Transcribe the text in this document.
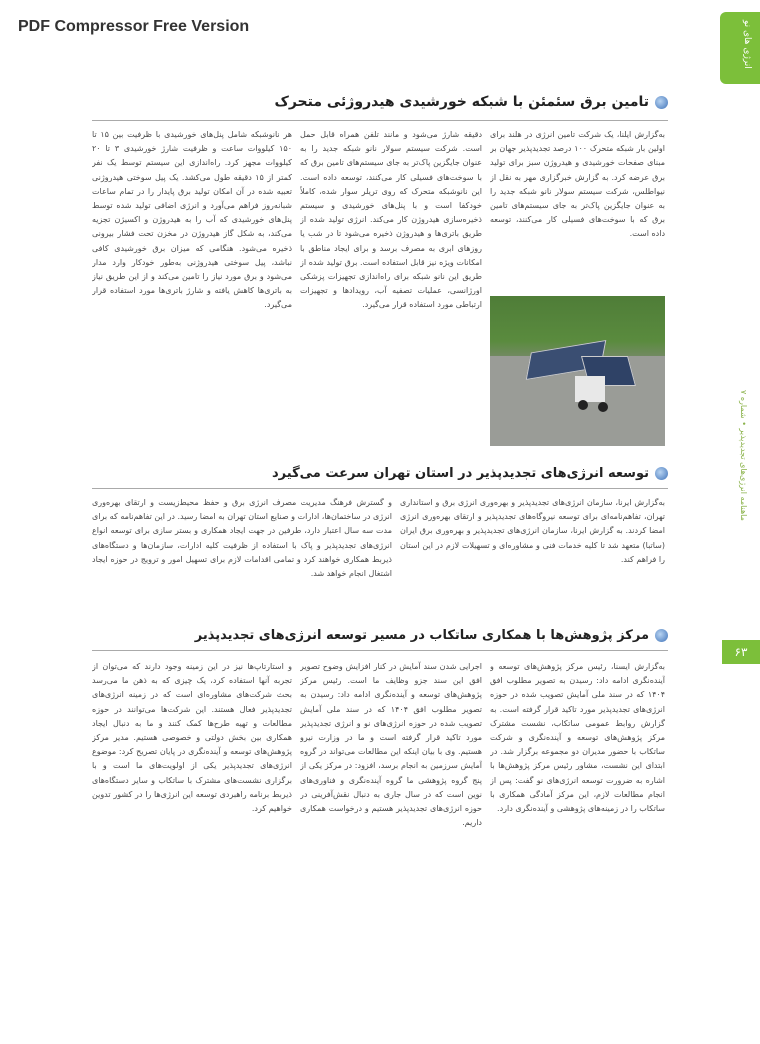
PDF Compressor Free Version	انرژی های نو
ماهنامه انرژی‌های تجدیدپذیر • شماره ۷
۶۳
تامین برق سئمئن با شبکه خورشیدی هیدروژئی متحرک

به‌گزارش ایلنا، یک شرکت تامین انرژی در هلند برای اولین بار شبکه متحرک ۱۰۰ درصد تجدیدپذیر جهان بر مبنای صفحات خورشیدی و هیدروژن سبز برای تولید برق عرضه کرد. به گزارش خبرگزاری مهر به نقل از نیواطلس، شرکت سیستم سولار نانو شبکه جدید را به عنوان جایگزین پاک‌تر به جای سیستم‌های تامین برق که با سوخت‌های فسیلی کار می‌کنند، توسعه داده است.

دقیقه شارژ می‌شود و مانند تلفن همراه قابل حمل است. شرکت سیستم سولار نانو شبکه جدید را به عنوان جایگزین پاک‌تر به جای سیستم‌های تامین برق که با سوخت‌های فسیلی کار می‌کنند، توسعه داده است. این نانوشبکه متحرک که روی تریلر سوار شده، کاملاً خودکفا است و با پنل‌های خورشیدی و سیستم ذخیره‌سازی هیدروژن کار می‌کند. انرژی تولید شده از طریق باتری‌ها و هیدروژن ذخیره می‌شود تا در شب یا روزهای ابری به مصرف برسد و برای ایجاد مناطق با امکانات ویژه نیز قابل استفاده است. برق تولید شده از طریق این نانو شبکه برای راه‌اندازی تجهیزات پزشکی اورژانسی، عملیات تصفیه آب، رویدادها و تجهیزات ارتباطی مورد استفاده قرار می‌گیرد.

هر نانوشبکه شامل پنل‌های خورشیدی با ظرفیت بین ۱۵ تا ۱۵۰ کیلووات ساعت و ظرفیت شارژ خورشیدی ۳ تا ۲۰ کیلووات مجهز کرد. راه‌اندازی این سیستم توسط یک نفر کمتر از ۱۵ دقیقه طول می‌کشد. یک پیل سوختی هیدروژنی تعبیه شده در آن امکان تولید برق پایدار را در تمام ساعات شبانه‌روز فراهم می‌آورد و انرژی اضافی تولید شده توسط پنل‌های خورشیدی که آب را به هیدروژن و اکسیژن تجزیه می‌کند، به شکل گاز هیدروژن در مخزن تحت فشار بیرونی ذخیره می‌شود. هنگامی که میزان برق خورشیدی کافی نباشد، پیل سوختی هیدروژنی به‌طور خودکار وارد مدار می‌شود و برق مورد نیاز را تامین می‌کند و از این طریق نیاز به باتری‌ها کاهش یافته و شارژ باتری‌ها مورد استفاده قرار می‌گیرد.

توسعه انرژی‌های تجدیدپذیر در استان تهران سرعت می‌گیرد

به‌گزارش ایرنا، سازمان انرژی‌های تجدیدپذیر و بهره‌وری انرژی برق و استانداری تهران، تفاهم‌نامه‌ای برای توسعه نیروگاه‌های تجدیدپذیر و ارتقای بهره‌وری انرژی امضا کردند. به گزارش ایرنا، سازمان انرژی‌های تجدیدپذیر و بهره‌وری برق ایران (ساتبا) متعهد شد تا کلیه خدمات فنی و مشاوره‌ای و تسهیلات لازم در این استان را فراهم کند.

و گسترش فرهنگ مدیریت مصرف انرژی برق و حفظ محیط‌زیست و ارتقای بهره‌وری انرژی در ساختمان‌ها، ادارات و صنایع استان تهران به امضا رسید. در این تفاهم‌نامه که برای مدت سه سال اعتبار دارد، طرفین در جهت ایجاد همکاری و بستر سازی برای توسعه انواع انرژی‌های تجدیدپذیر و پاک با استفاده از ظرفیت کلیه ادارات، سازمان‌ها و دستگاه‌های ذیربط همکاری خواهند کرد و تمامی اقدامات لازم برای تسهیل امور و ترویج در حوزه ایجاد اشتغال انجام خواهد شد.

مرکز پژوهش‌ها با همکاری ساتکاب در مسیر توسعه انرژی‌های تجدیدپذیر

به‌گزارش ایسنا، رئیس مرکز پژوهش‌های توسعه و آینده‌نگری ادامه داد: رسیدن به تصویر مطلوب افق ۱۴۰۴ که در سند ملی آمایش تصویب شده در حوزه انرژی‌های تجدیدپذیر مورد تاکید قرار گرفته است. به گزارش روابط عمومی ساتکاب، نشست مشترک مرکز پژوهش‌های توسعه و آینده‌نگری و شرکت ساتکاب با حضور مدیران دو مجموعه برگزار شد. در ابتدای این نشست، مشاور رئیس مرکز پژوهش‌ها با اشاره به ضرورت توسعه انرژی‌های نو گفت: پس از انجام مطالعات لازم، این مرکز آمادگی همکاری با ساتکاب را در زمینه‌های پژوهشی و آینده‌نگری دارد.

اجرایی شدن سند آمایش در کنار افزایش وضوح تصویر افق این سند جزو وظایف ما است. رئیس مرکز پژوهش‌های توسعه و آینده‌نگری ادامه داد: رسیدن به تصویر مطلوب افق ۱۴۰۴ که در سند ملی آمایش تصویب شده در حوزه انرژی‌های نو و انرژی تجدیدپذیر مورد تاکید قرار گرفته است و ما در وزارت نیرو هستیم. وی با بیان اینکه این مطالعات می‌تواند در گروه آمایش سرزمین به انجام برسد، افزود: در مرکز یکی از پنج گروه پژوهشی ما گروه آینده‌نگری و فناوری‌های نوین است که در سال جاری به دنبال نقش‌آفرینی در حوزه انرژی‌های تجدیدپذیر هستیم و درخواست همکاری داریم.

و استارتاپ‌ها نیز در این زمینه وجود دارند که می‌توان از تجربه آنها استفاده کرد، یک چیزی که به ذهن ما می‌رسد بحث شرکت‌های مشاوره‌ای است که در زمینه انرژی‌های تجدیدپذیر فعال هستند. این شرکت‌ها می‌توانند در حوزه مطالعات و تهیه طرح‌ها کمک کنند و ما به دنبال ایجاد همکاری بین بخش دولتی و خصوصی هستیم. مدیر مرکز پژوهش‌های توسعه و آینده‌نگری در پایان تصریح کرد: موضوع انرژی‌های تجدیدپذیر یکی از اولویت‌های ما است و با برگزاری نشست‌های مشترک با ساتکاب و سایر دستگاه‌های ذیربط برنامه راهبردی توسعه این انرژی‌ها را در کشور تدوین خواهیم کرد.
